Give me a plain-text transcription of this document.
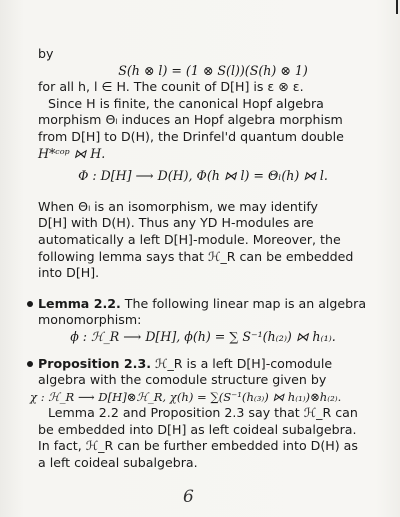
by
S(h ⊗ l) = (1 ⊗ S(l))(S(h) ⊗ 1)
for all h, l ∈ H. The counit of D[H] is ε ⊗ ε.
Since H is finite, the canonical Hopf algebra
morphism Θₗ induces an Hopf algebra morphism
from D[H] to D(H), the Drinfel'd quantum double
H*ᶜᵒᵖ ⋈ H.
Φ : D[H] ⟶ D(H), Φ(h ⋈ l) = Θₗ(h) ⋈ l.
When Θₗ is an isomorphism, we may identify
D[H] with D(H). Thus any YD H-modules are
automatically a left D[H]-module. Moreover, the
following lemma says that ℋ_R can be embedded
into D[H].
Lemma 2.2. The following linear map is an algebra
monomorphism:
ϕ : ℋ_R ⟶ D[H], ϕ(h) = ∑ S⁻¹(h₍₂₎) ⋈ h₍₁₎.
Proposition 2.3. ℋ_R is a left D[H]-comodule
algebra with the comodule structure given by
χ : ℋ_R ⟶ D[H]⊗ℋ_R, χ(h) = ∑(S⁻¹(h₍₃₎) ⋈ h₍₁₎)⊗h₍₂₎.
Lemma 2.2 and Proposition 2.3 say that ℋ_R can
be embedded into D[H] as left coideal subalgebra.
In fact, ℋ_R can be further embedded into D(H) as
a left coideal subalgebra.
6
